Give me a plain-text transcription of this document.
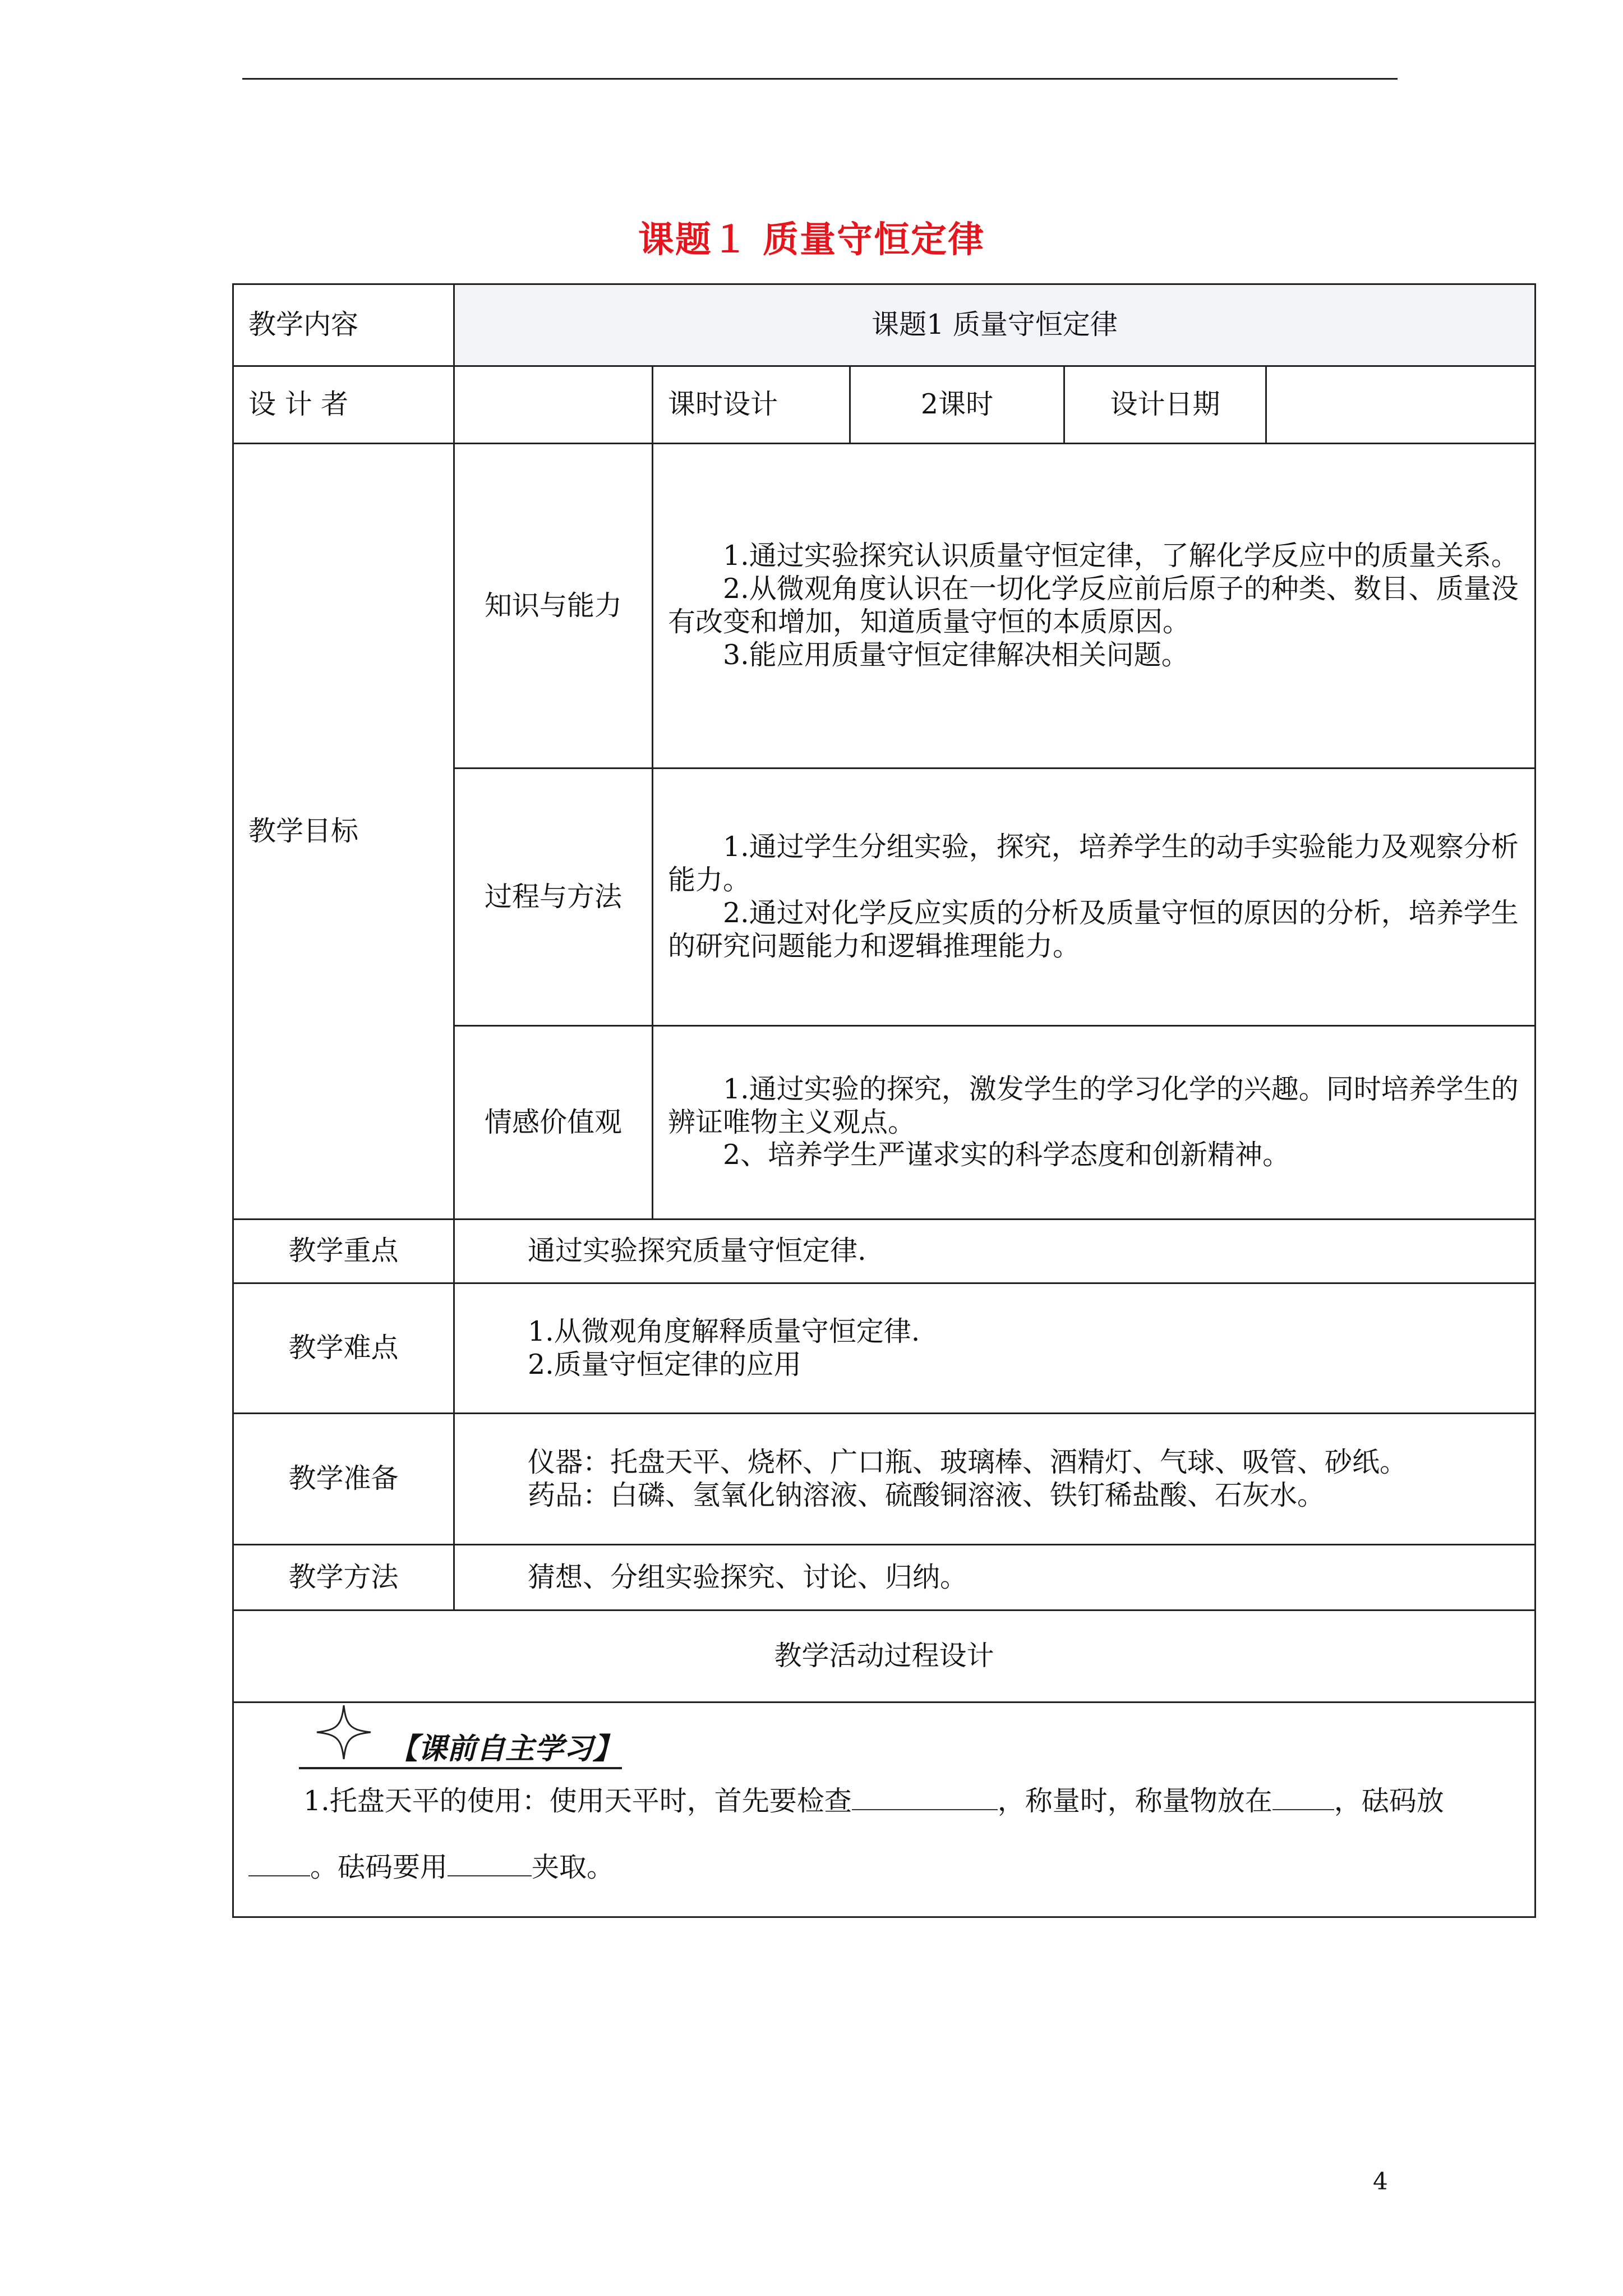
课题１ 质量守恒定律
教学内容	课题1 质量守恒定律				
设 计 者		课时设计	2课时	设计日期	
教学目标	知识与能力	1.通过实验探究认识质量守恒定律，了解化学反应中的质量关系。

2.从微观角度认识在一切化学反应前后原子的种类、数目、质量没有改变和增加，知道质量守恒的本质原因。

3.能应用质量守恒定律解决相关问题。			

	过程与方法	1.通过学生分组实验，探究，培养学生的动手实验能力及观察分析能力。

2.通过对化学反应实质的分析及质量守恒的原因的分析，培养学生的研究问题能力和逻辑推理能力。			

	情感价值观	1.通过实验的探究，激发学生的学习化学的兴趣。同时培养学生的辨证唯物主义观点。

2、培养学生严谨求实的科学态度和创新精神。			

教学重点	通过实验探究质量守恒定律.				
教学难点	1.从微观角度解释质量守恒定律.

2.质量守恒定律的应用				

教学准备	仪器：托盘天平、烧杯、广口瓶、玻璃棒、酒精灯、气球、吸管、砂纸。

药品：白磷、氢氧化钠溶液、硫酸铜溶液、铁钉稀盐酸、石灰水。				

教学方法	猜想、分组实验探究、讨论、归纳。				
教学活动过程设计					

【课前自主学习】
1.托盘天平的使用：使用天平时，首先要检查 ，称量时，称量物放在 ，砝码放
。砝码要用 夹取。					
4
